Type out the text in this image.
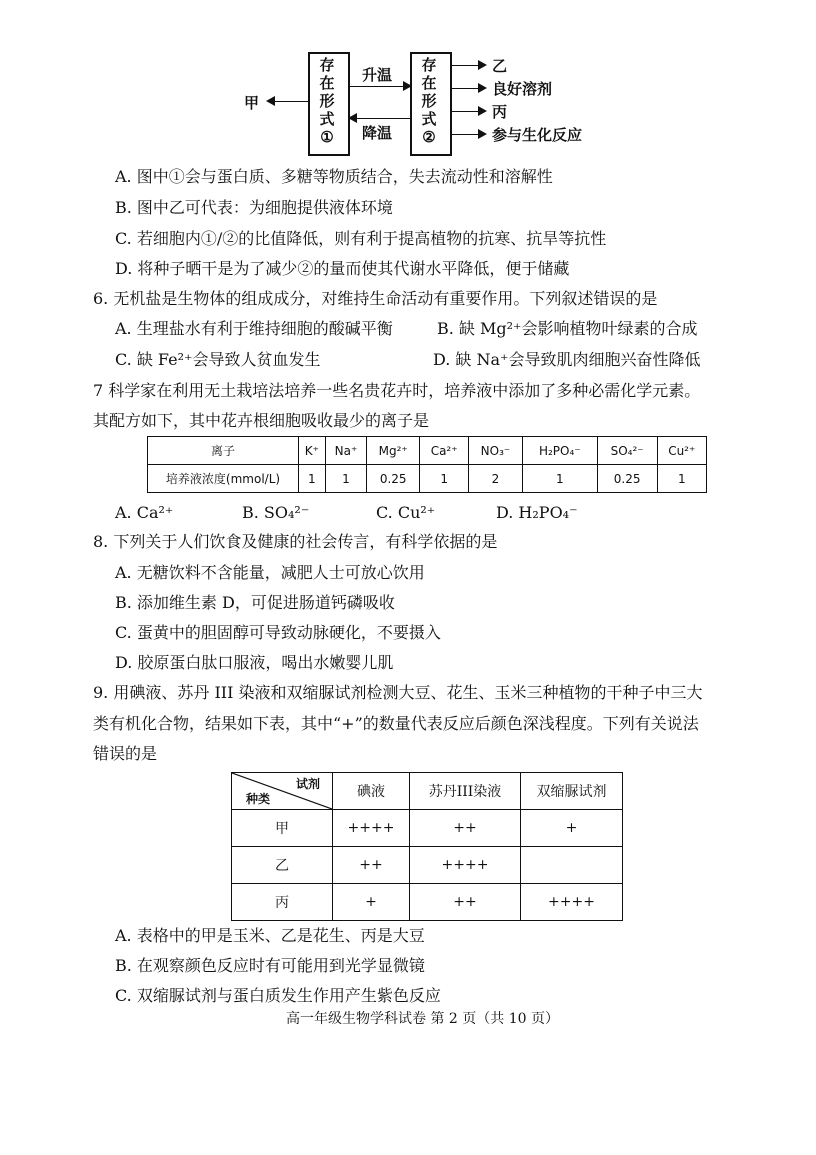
甲
存
在
形
式
①
存
在
形
式
②
升温
降温
乙
良好溶剂
丙
参与生化反应
A. 图中①会与蛋白质、多糖等物质结合，失去流动性和溶解性
B. 图中乙可代表：为细胞提供液体环境
C. 若细胞内①/②的比值降低，则有利于提高植物的抗寒、抗旱等抗性
D. 将种子晒干是为了减少②的量而使其代谢水平降低，便于储藏
6. 无机盐是生物体的组成成分，对维持生命活动有重要作用。下列叙述错误的是
A. 生理盐水有利于维持细胞的酸碱平衡	B. 缺 Mg²⁺会影响植物叶绿素的合成
C. 缺 Fe²⁺会导致人贫血发生	D. 缺 Na⁺会导致肌肉细胞兴奋性降低
7 科学家在利用无土栽培法培养一些名贵花卉时，培养液中添加了多种必需化学元素。
其配方如下，其中花卉根细胞吸收最少的离子是
离子	K⁺	Na⁺	Mg²⁺	Ca²⁺	NO₃⁻	H₂PO₄⁻	SO₄²⁻	Cu²⁺
培养液浓度(mmol/L)	1	1	0.25	1	2	1	0.25	1
A. Ca²⁺	B. SO₄²⁻	C. Cu²⁺	D. H₂PO₄⁻
8. 下列关于人们饮食及健康的社会传言，有科学依据的是
A. 无糖饮料不含能量，减肥人士可放心饮用
B. 添加维生素 D，可促进肠道钙磷吸收
C. 蛋黄中的胆固醇可导致动脉硬化，不要摄入
D. 胶原蛋白肽口服液，喝出水嫩婴儿肌
9. 用碘液、苏丹 III 染液和双缩脲试剂检测大豆、花生、玉米三种植物的干种子中三大
类有机化合物，结果如下表，其中“+”的数量代表反应后颜色深浅程度。下列有关说法
错误的是
试剂
种类	碘液	苏丹III染液	双缩脲试剂
甲	++++	++	+
乙	++	++++	
丙	+	++	++++
A. 表格中的甲是玉米、乙是花生、丙是大豆
B. 在观察颜色反应时有可能用到光学显微镜
C. 双缩脲试剂与蛋白质发生作用产生紫色反应
高一年级生物学科试卷 第 2 页（共 10 页）
